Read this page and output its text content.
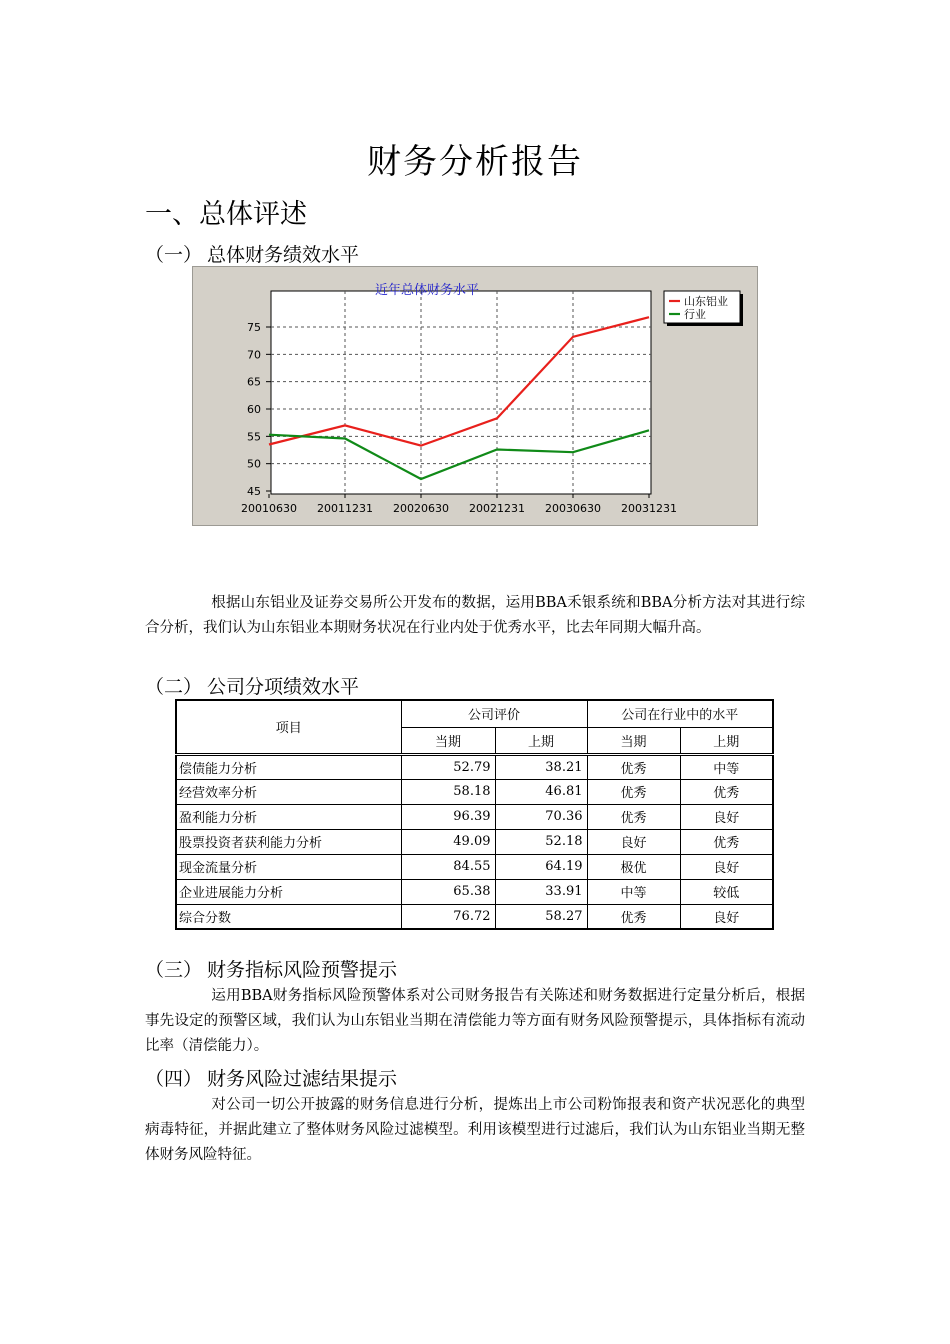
财务分析报告
一、总体评述
（一） 总体财务绩效水平
近年总体财务水平
45
50
55
60
65
70
75
20010630 20011231 20020630 20021231 20030630 20031231
山东铝业
行业
根据山东铝业及证券交易所公开发布的数据，运用BBA禾银系统和BBA分析方法对其进行综合分析，我们认为山东铝业本期财务状况在行业内处于优秀水平，比去年同期大幅升高。
（二） 公司分项绩效水平
项目	公司评价		公司在行业中的水平	
	当期	上期	当期	上期
偿债能力分析	52.79	38.21	优秀	中等
经营效率分析	58.18	46.81	优秀	优秀
盈利能力分析	96.39	70.36	优秀	良好
股票投资者获利能力分析	49.09	52.18	良好	优秀
现金流量分析	84.55	64.19	极优	良好
企业进展能力分析	65.38	33.91	中等	较低
综合分数	76.72	58.27	优秀	良好
（三） 财务指标风险预警提示
运用BBA财务指标风险预警体系对公司财务报告有关陈述和财务数据进行定量分析后，根据事先设定的预警区域，我们认为山东铝业当期在清偿能力等方面有财务风险预警提示，具体指标有流动比率（清偿能力）。
（四） 财务风险过滤结果提示
对公司一切公开披露的财务信息进行分析，提炼出上市公司粉饰报表和资产状况恶化的典型病毒特征，并据此建立了整体财务风险过滤模型。利用该模型进行过滤后，我们认为山东铝业当期无整体财务风险特征。
